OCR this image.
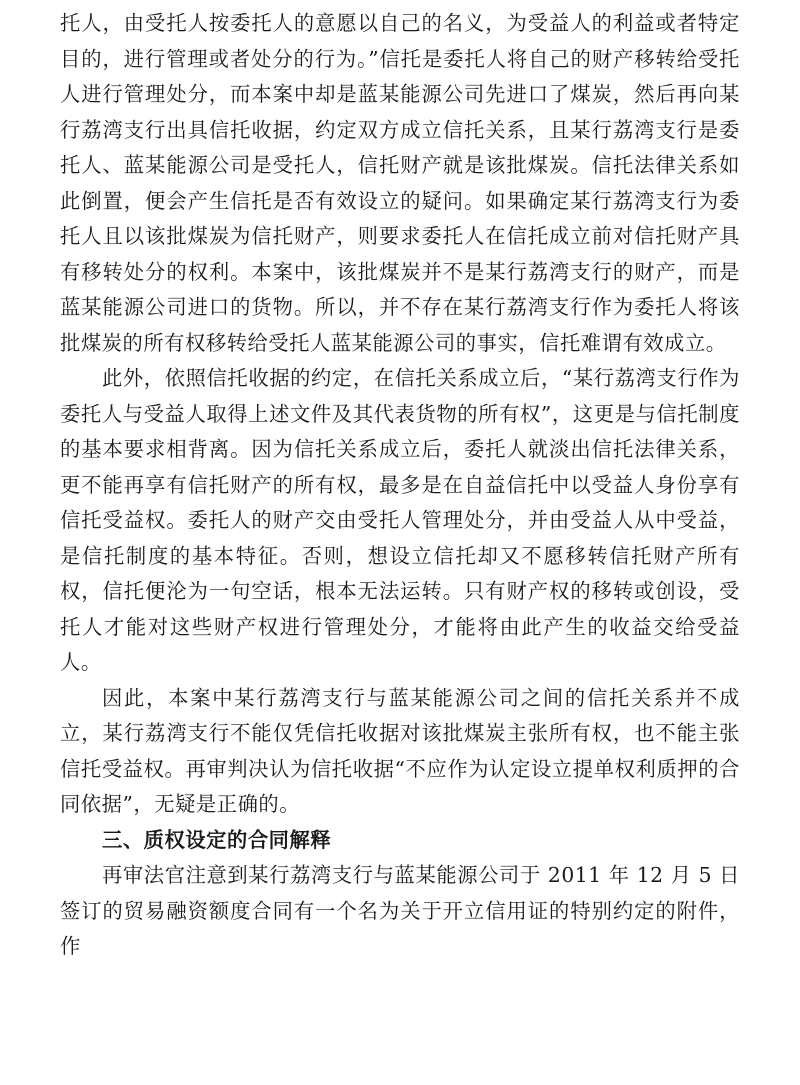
托人，由受托人按委托人的意愿以自己的名义，为受益人的利益或者特定目的，进行管理或者处分的行为。”信托是委托人将自己的财产移转给受托人进行管理处分，而本案中却是蓝某能源公司先进口了煤炭，然后再向某行荔湾支行出具信托收据，约定双方成立信托关系，且某行荔湾支行是委托人、蓝某能源公司是受托人，信托财产就是该批煤炭。信托法律关系如此倒置，便会产生信托是否有效设立的疑问。如果确定某行荔湾支行为委托人且以该批煤炭为信托财产，则要求委托人在信托成立前对信托财产具有移转处分的权利。本案中，该批煤炭并不是某行荔湾支行的财产，而是蓝某能源公司进口的货物。所以，并不存在某行荔湾支行作为委托人将该批煤炭的所有权移转给受托人蓝某能源公司的事实，信托难谓有效成立。

此外，依照信托收据的约定，在信托关系成立后，“某行荔湾支行作为委托人与受益人取得上述文件及其代表货物的所有权”，这更是与信托制度的基本要求相背离。因为信托关系成立后，委托人就淡出信托法律关系，更不能再享有信托财产的所有权，最多是在自益信托中以受益人身份享有信托受益权。委托人的财产交由受托人管理处分，并由受益人从中受益，是信托制度的基本特征。否则，想设立信托却又不愿移转信托财产所有权，信托便沦为一句空话，根本无法运转。只有财产权的移转或创设，受托人才能对这些财产权进行管理处分，才能将由此产生的收益交给受益人。

因此，本案中某行荔湾支行与蓝某能源公司之间的信托关系并不成立，某行荔湾支行不能仅凭信托收据对该批煤炭主张所有权，也不能主张信托受益权。再审判决认为信托收据“不应作为认定设立提单权利质押的合同依据”，无疑是正确的。

三、质权设定的合同解释

再审法官注意到某行荔湾支行与蓝某能源公司于 2011 年 12 月 5 日签订的贸易融资额度合同有一个名为关于开立信用证的特别约定的附件，作
